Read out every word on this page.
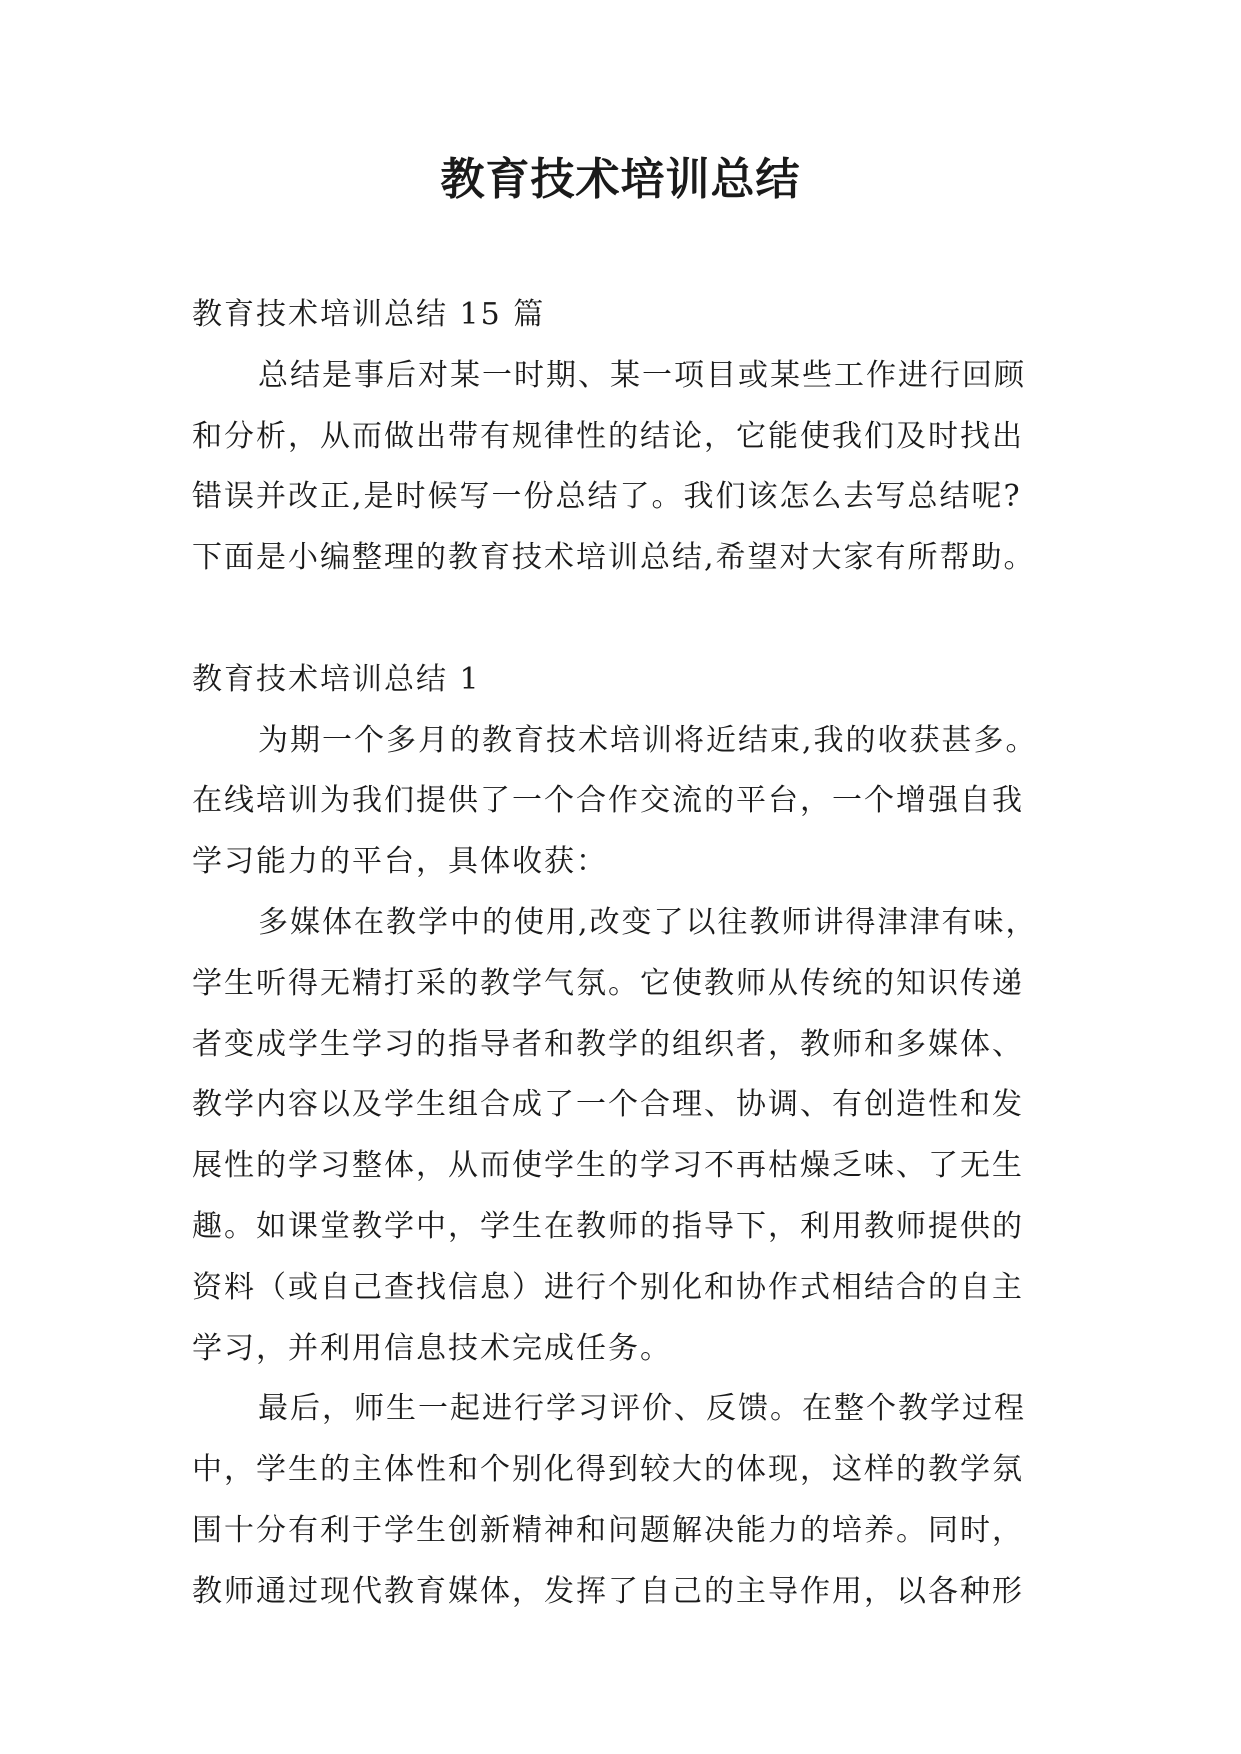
教育技术培训总结
教育技术培训总结 15 篇
总结是事后对某一时期、某一项目或某些工作进行回顾
和分析，从而做出带有规律性的结论，它能使我们及时找出
错误并改正,是时候写一份总结了。我们该怎么去写总结呢?
下面是小编整理的教育技术培训总结,希望对大家有所帮助。
教育技术培训总结 1
为期一个多月的教育技术培训将近结束,我的收获甚多。
在线培训为我们提供了一个合作交流的平台，一个增强自我
学习能力的平台，具体收获：
多媒体在教学中的使用,改变了以往教师讲得津津有味，
学生听得无精打采的教学气氛。它使教师从传统的知识传递
者变成学生学习的指导者和教学的组织者，教师和多媒体、
教学内容以及学生组合成了一个合理、协调、有创造性和发
展性的学习整体，从而使学生的学习不再枯燥乏味、了无生
趣。如课堂教学中，学生在教师的指导下，利用教师提供的
资料（或自己查找信息）进行个别化和协作式相结合的自主
学习，并利用信息技术完成任务。
最后，师生一起进行学习评价、反馈。在整个教学过程
中，学生的主体性和个别化得到较大的体现，这样的教学氛
围十分有利于学生创新精神和问题解决能力的培养。同时，
教师通过现代教育媒体，发挥了自己的主导作用，以各种形
